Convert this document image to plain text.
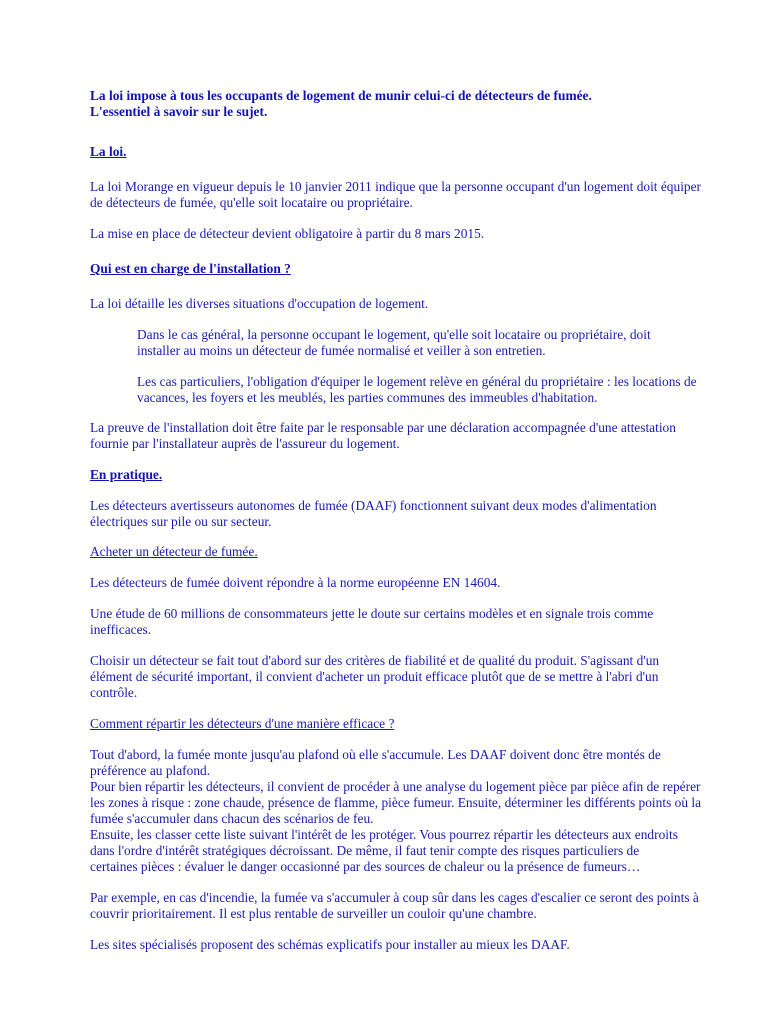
La loi impose à tous les occupants de logement de munir celui-ci de détecteurs de fumée.

L'essentiel à savoir sur le sujet.

La loi.

La loi Morange en vigueur depuis le 10 janvier 2011 indique que la personne occupant d'un logement doit équiper de détecteurs de fumée, qu'elle soit locataire ou propriétaire.

La mise en place de détecteur devient obligatoire à partir du 8 mars 2015.

Qui est en charge de l'installation ?

La loi détaille les diverses situations d'occupation de logement.

Dans le cas général, la personne occupant le logement, qu'elle soit locataire ou propriétaire, doit installer au moins un détecteur de fumée normalisé et veiller à son entretien.

Les cas particuliers, l'obligation d'équiper le logement relève en général du propriétaire : les locations de vacances, les foyers et les meublés, les parties communes des immeubles d'habitation.

La preuve de l'installation doit être faite par le responsable par une déclaration accompagnée d'une attestation fournie par l'installateur auprès de l'assureur du logement.

En pratique.

Les détecteurs avertisseurs autonomes de fumée (DAAF) fonctionnent suivant deux modes d'alimentation électriques sur pile ou sur secteur.

Acheter un détecteur de fumée.

Les détecteurs de fumée doivent répondre à la norme européenne EN 14604.

Une étude de 60 millions de consommateurs jette le doute sur certains modèles et en signale trois comme inefficaces.

Choisir un détecteur se fait tout d'abord sur des critères de fiabilité et de qualité du produit. S'agissant d'un élément de sécurité important, il convient d'acheter un produit efficace plutôt que de se mettre à l'abri d'un contrôle.

Comment répartir les détecteurs d'une manière efficace ?

Tout d'abord, la fumée monte jusqu'au plafond où elle s'accumule. Les DAAF doivent donc être montés de préférence au plafond.

Pour bien répartir les détecteurs, il convient de procéder à une analyse du logement pièce par pièce afin de repérer les zones à risque : zone chaude, présence de flamme, pièce fumeur. Ensuite, déterminer les différents points où la fumée s'accumuler dans chacun des scénarios de feu.

Ensuite, les classer cette liste suivant l'intérêt de les protéger. Vous pourrez répartir les détecteurs aux endroits dans l'ordre d'intérêt stratégiques décroissant. De même, il faut tenir compte des risques particuliers de certaines pièces : évaluer le danger occasionné par des sources de chaleur ou la présence de fumeurs…

Par exemple, en cas d'incendie, la fumée va s'accumuler à coup sûr dans les cages d'escalier ce seront des points à couvrir prioritairement. Il est plus rentable de surveiller un couloir qu'une chambre.

Les sites spécialisés proposent des schémas explicatifs pour installer au mieux les DAAF.
